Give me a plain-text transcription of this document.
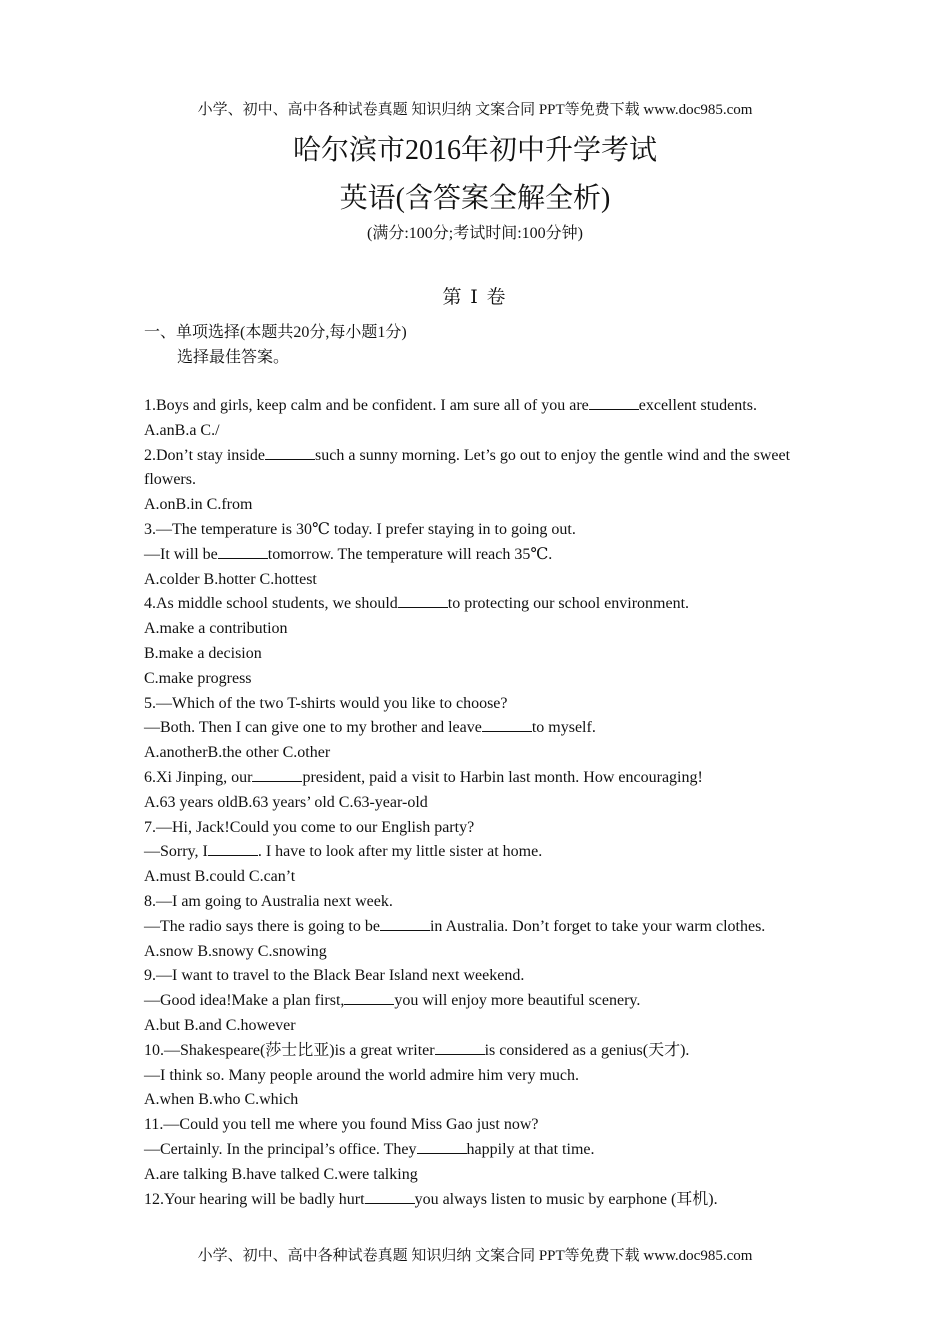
小学、初中、高中各种试卷真题 知识归纳 文案合同 PPT等免费下载 www.doc985.com
哈尔滨市2016年初中升学考试
英语(含答案全解全析)
(满分:100分;考试时间:100分钟)
第 Ⅰ 卷
一、单项选择(本题共20分,每小题1分)
选择最佳答案。
1.Boys and girls, keep calm and be confident. I am sure all of you are	excellent students.
A.anB.a C./
2.Don’t stay inside	such a sunny morning. Let’s go out to enjoy the gentle wind and the sweet flowers.
A.onB.in C.from
3.—The temperature is 30℃ today. I prefer staying in to going out.
—It will be	tomorrow. The temperature will reach 35℃.
A.colder B.hotter C.hottest
4.As middle school students, we should	to protecting our school environment.
A.make a contribution
B.make a decision
C.make progress
5.—Which of the two T-shirts would you like to choose?
—Both. Then I can give one to my brother and leave	to myself.
A.anotherB.the other C.other
6.Xi Jinping, our	president, paid a visit to Harbin last month. How encouraging!
A.63 years oldB.63 years’ old C.63-year-old
7.—Hi, Jack!Could you come to our English party?
—Sorry, I	. I have to look after my little sister at home.
A.must B.could C.can’t
8.—I am going to Australia next week.
—The radio says there is going to be	in Australia. Don’t forget to take your warm clothes.
A.snow B.snowy C.snowing
9.—I want to travel to the Black Bear Island next weekend.
—Good idea!Make a plan first,	you will enjoy more beautiful scenery.
A.but B.and C.however
10.—Shakespeare(莎士比亚)is a great writer	is considered as a genius(天才).
—I think so. Many people around the world admire him very much.
A.when B.who C.which
11.—Could you tell me where you found Miss Gao just now?
—Certainly. In the principal’s office. They	happily at that time.
A.are talking B.have talked C.were talking
12.Your hearing will be badly hurt	you always listen to music by earphone (耳机).
小学、初中、高中各种试卷真题 知识归纳 文案合同 PPT等免费下载 www.doc985.com
